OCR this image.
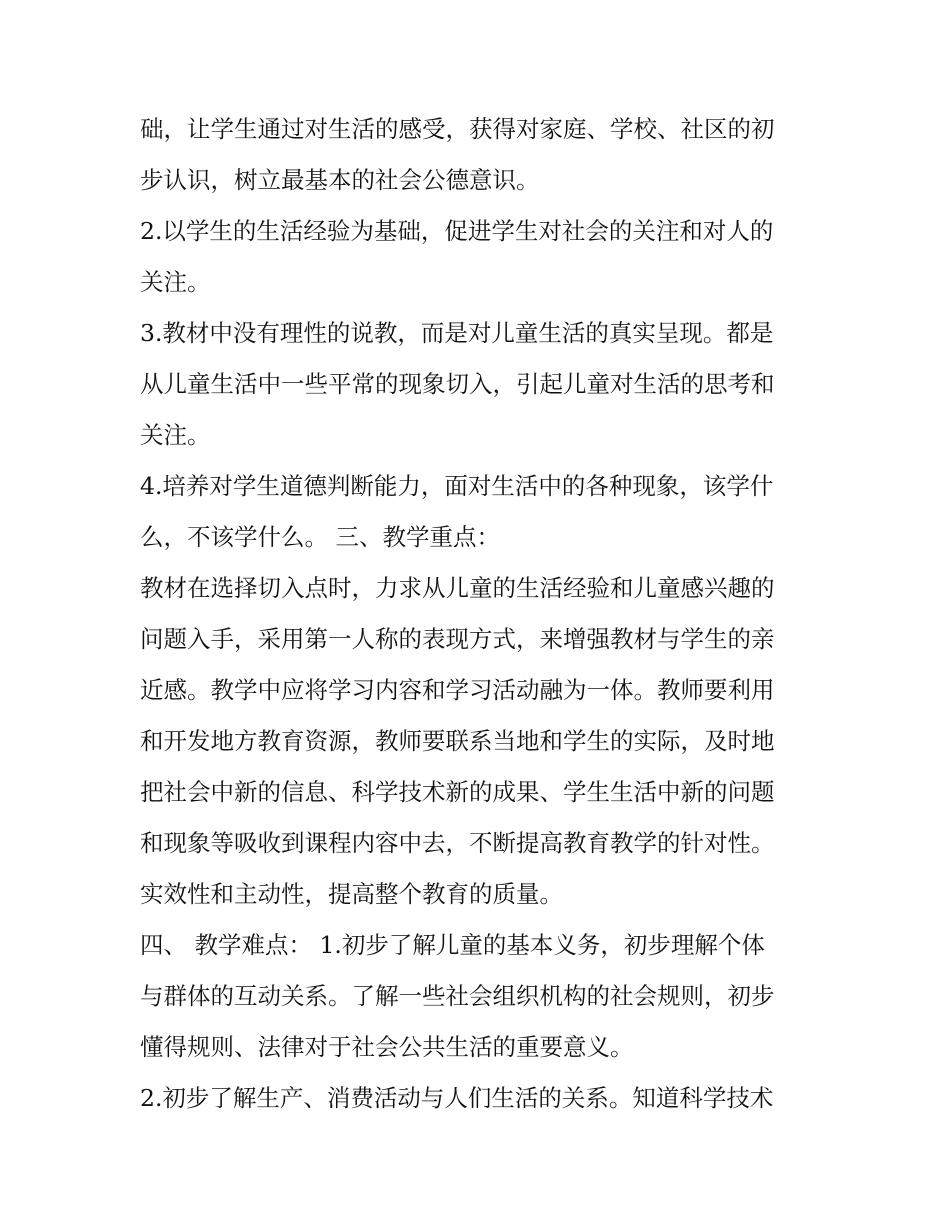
础，让学生通过对生活的感受，获得对家庭、学校、社区的初
步认识，树立最基本的社会公德意识。
2.以学生的生活经验为基础，促进学生对社会的关注和对人的
关注。
3.教材中没有理性的说教，而是对儿童生活的真实呈现。都是
从儿童生活中一些平常的现象切入，引起儿童对生活的思考和
关注。
4.培养对学生道德判断能力，面对生活中的各种现象，该学什
么，不该学什么。 三、教学重点：
教材在选择切入点时，力求从儿童的生活经验和儿童感兴趣的
问题入手，采用第一人称的表现方式，来增强教材与学生的亲
近感。教学中应将学习内容和学习活动融为一体。教师要利用
和开发地方教育资源，教师要联系当地和学生的实际，及时地
把社会中新的信息、科学技术新的成果、学生生活中新的问题
和现象等吸收到课程内容中去，不断提高教育教学的针对性。
实效性和主动性，提高整个教育的质量。
四、 教学难点： 1.初步了解儿童的基本义务，初步理解个体
与群体的互动关系。了解一些社会组织机构的社会规则，初步
懂得规则、法律对于社会公共生活的重要意义。
2.初步了解生产、消费活动与人们生活的关系。知道科学技术
